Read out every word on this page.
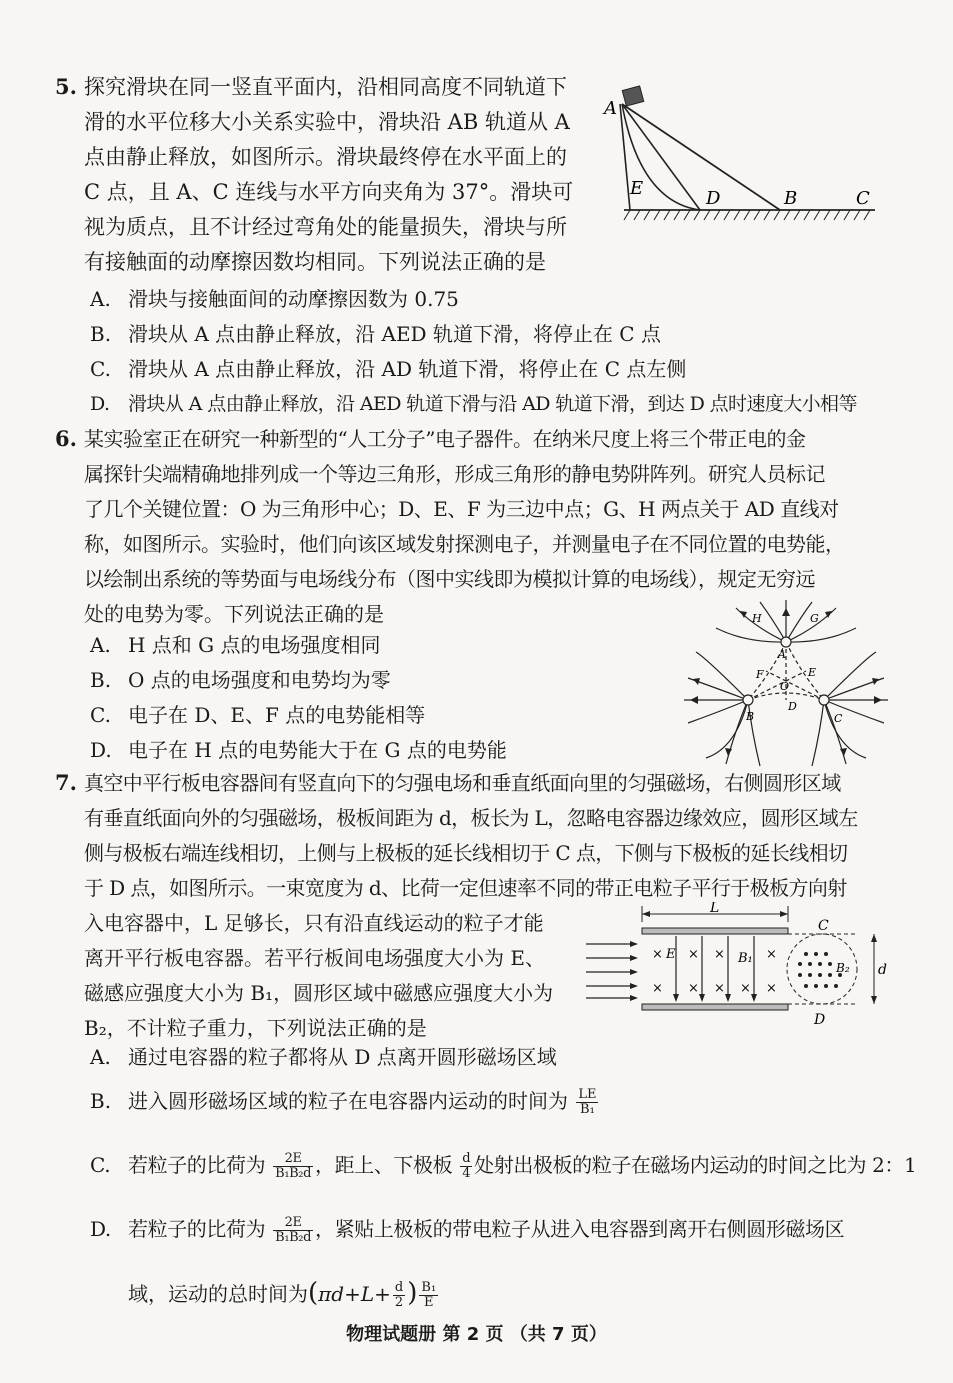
5. 探究滑块在同一竖直平面内，沿相同高度不同轨道下
滑的水平位移大小关系实验中，滑块沿 AB 轨道从 A
点由静止释放，如图所示。滑块最终停在水平面上的
C 点，且 A、C 连线与水平方向夹角为 37°。滑块可
视为质点，且不计经过弯角处的能量损失，滑块与所
有接触面的动摩擦因数均相同。下列说法正确的是
A
E	D	B	C
A. 滑块与接触面间的动摩擦因数为 0.75
B. 滑块从 A 点由静止释放，沿 AED 轨道下滑，将停止在 C 点
C. 滑块从 A 点由静止释放，沿 AD 轨道下滑，将停止在 C 点左侧
D. 滑块从 A 点由静止释放，沿 AED 轨道下滑与沿 AD 轨道下滑，到达 D 点时速度大小相等
6. 某实验室正在研究一种新型的“人工分子”电子器件。在纳米尺度上将三个带正电的金
属探针尖端精确地排列成一个等边三角形，形成三角形的静电势阱阵列。研究人员标记
了几个关键位置：O 为三角形中心；D、E、F 为三边中点；G、H 两点关于 AD 直线对
称，如图所示。实验时，他们向该区域发射探测电子，并测量电子在不同位置的电势能，
以绘制出系统的等势面与电场线分布（图中实线即为模拟计算的电场线），规定无穷远
处的电势为零。下列说法正确的是
A. H 点和 G 点的电场强度相同
B. O 点的电场强度和电势均为零
C. 电子在 D、E、F 点的电势能相等
D. 电子在 H 点的电势能大于在 G 点的电势能
H	G
A
E
F
O
B
D
C
7. 真空中平行板电容器间有竖直向下的匀强电场和垂直纸面向里的匀强磁场，右侧圆形区域
有垂直纸面向外的匀强磁场，极板间距为 d，板长为 L，忽略电容器边缘效应，圆形区域左
侧与极板右端连线相切，上侧与上极板的延长线相切于 C 点，下侧与下极板的延长线相切
于 D 点，如图所示。一束宽度为 d、比荷一定但速率不同的带正电粒子平行于极板方向射
入电容器中，L 足够长，只有沿直线运动的粒子才能
离开平行板电容器。若平行板间电场强度大小为 E、
磁感应强度大小为 B₁，圆形区域中磁感应强度大小为
B₂，不计粒子重力，下列说法正确的是
L
× × ×	×
× × × × ×
E	B₁
B₂
C
D
d
A. 通过电容器的粒子都将从 D 点离开圆形磁场区域
B. 进入圆形磁场区域的粒子在电容器内运动的时间为 $\frac{LE}{\text{B₁}}$
C. 若粒子的比荷为 $\frac{2E}{\text{B₁B₂d}}$ ，距上、下极板 $\frac{d}{4}$ 处射出极板的粒子在磁场内运动的时间之比为 2：1
D. 若粒子的比荷为 $\frac{2E}{\text{B₁B₂d}}$ ，紧贴上极板的带电粒子从进入电容器到离开右侧圆形磁场区
域，运动的总时间为($\pi d+L+ \frac{d}{2}$ ) $\frac{\text{B₁}}{E}$
物理试题册 第 2 页 （共 7 页）
